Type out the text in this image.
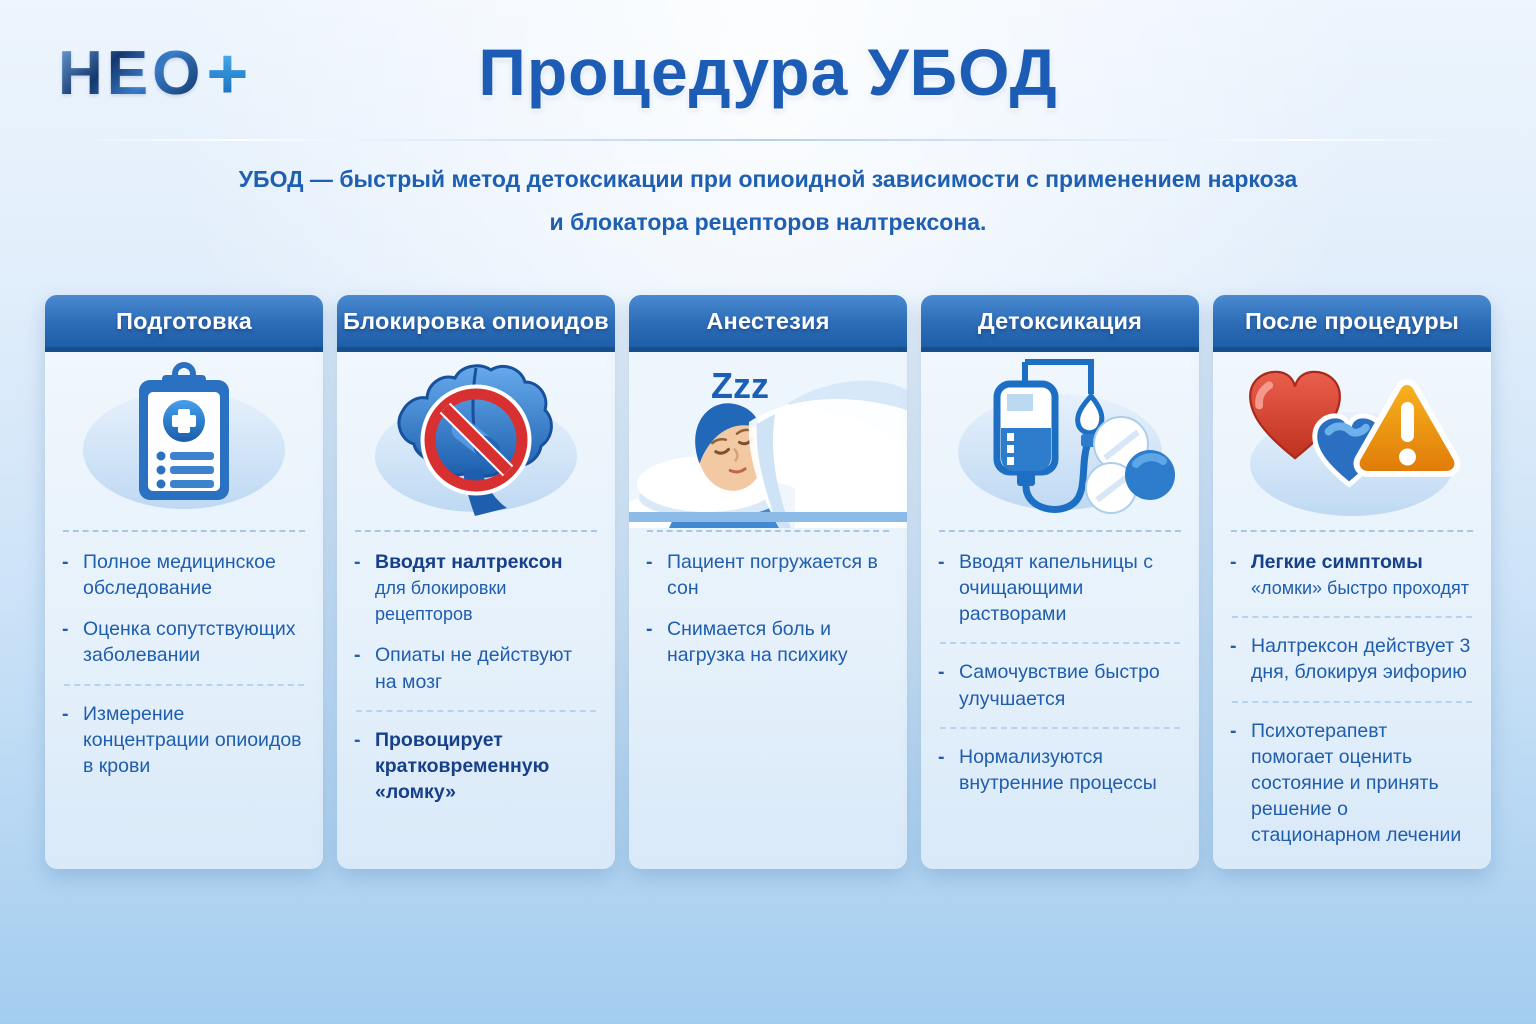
НЕО +	Процедура УБОД
УБОД — быстрый метод детоксикации при опиоидной зависимости с применением наркоза
и блокатора рецепторов налтрексона.
Подготовка
- Полное медицинское обследование
- Оценка сопутствующих заболевании
- Измерение концентрации опиоидов в крови
Блокировка опиоидов
- Вводят налтрексон
для блокировки рецепторов
- Опиаты не действуют на мозг
- Провоцирует кратковременную «ломку»
Анестезия
Zzz
- Пациент погружается в сон
- Снимается боль и нагрузка на психику
Детоксикация
- Вводят капельницы с очищающими растворами
- Самочувствие быстро улучшается
- Нормализуются внутренние процессы
После процедуры
- Легкие симптомы
«ломки» быстро проходят
- Налтрексон действует 3 дня, блокируя эифорию
- Психотерапевт помогает оценить состояние и принять решение о стационарном лечении
